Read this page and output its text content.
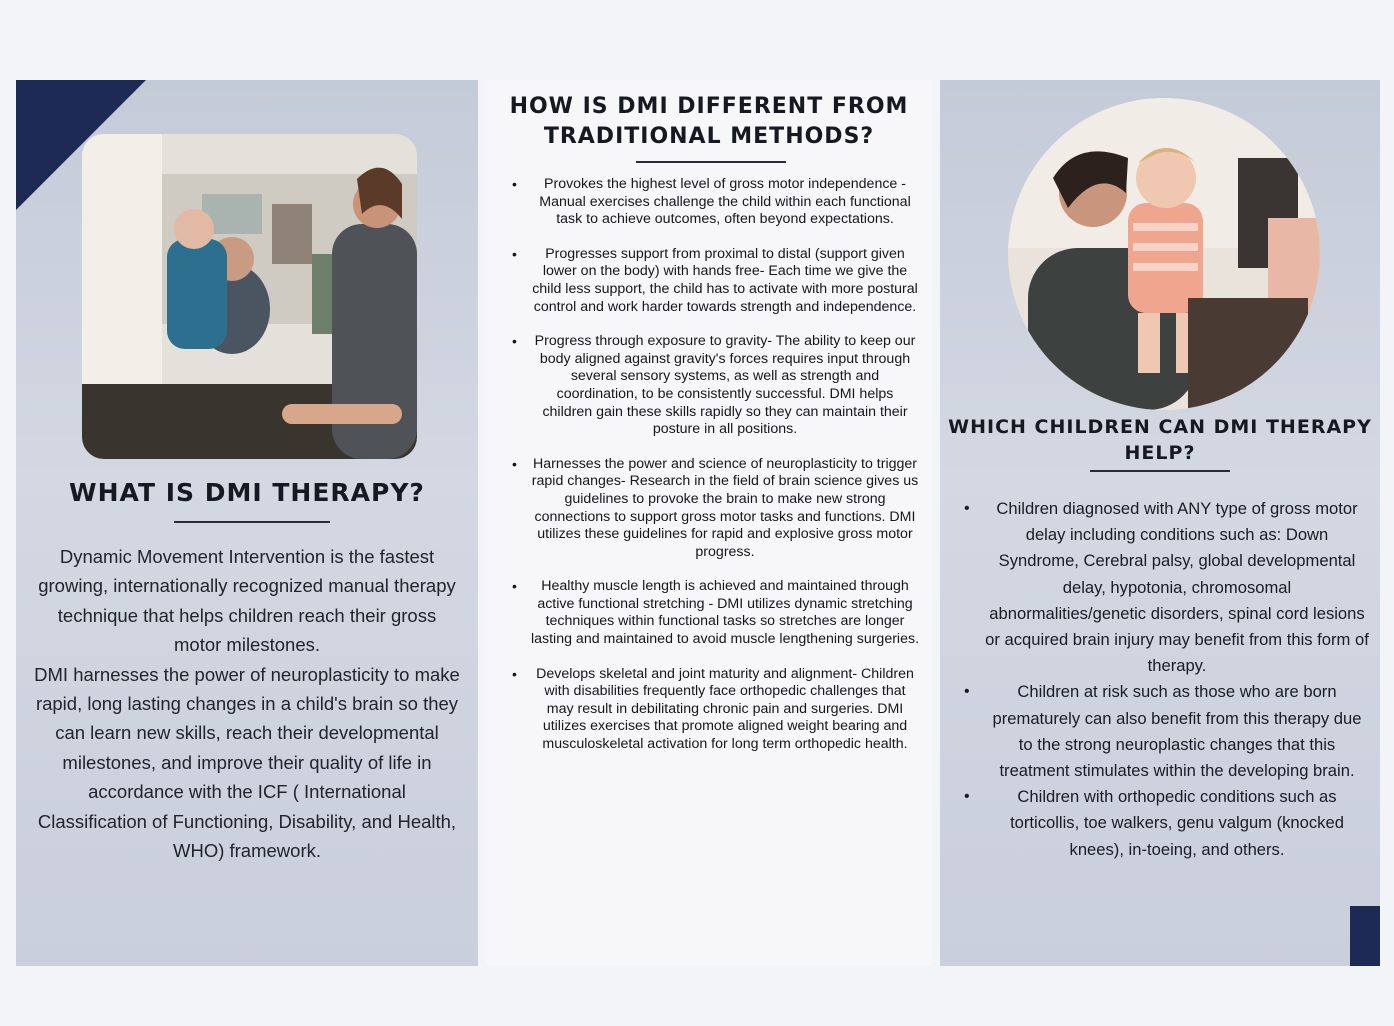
WHAT IS DMI THERAPY?

Dynamic Movement Intervention is the fastest growing, internationally recognized manual therapy technique that helps children reach their gross motor milestones.

DMI harnesses the power of neuroplasticity to make rapid, long lasting changes in a child's brain so they can learn new skills, reach their developmental milestones, and improve their quality of life in accordance with the ICF ( International Classification of Functioning, Disability, and Health, WHO) framework.

HOW IS DMI DIFFERENT FROM TRADITIONAL METHODS?
• Provokes the highest level of gross motor independence - Manual exercises challenge the child within each functional task to achieve outcomes, often beyond expectations.
• Progresses support from proximal to distal (support given lower on the body) with hands free- Each time we give the child less support, the child has to activate with more postural control and work harder towards strength and independence.
• Progress through exposure to gravity- The ability to keep our body aligned against gravity's forces requires input through several sensory systems, as well as strength and coordination, to be consistently successful. DMI helps children gain these skills rapidly so they can maintain their posture in all positions.
• Harnesses the power and science of neuroplasticity to trigger rapid changes- Research in the field of brain science gives us guidelines to provoke the brain to make new strong connections to support gross motor tasks and functions. DMI utilizes these guidelines for rapid and explosive gross motor progress.
• Healthy muscle length is achieved and maintained through active functional stretching - DMI utilizes dynamic stretching techniques within functional tasks so stretches are longer lasting and maintained to avoid muscle lengthening surgeries.
• Develops skeletal and joint maturity and alignment- Children with disabilities frequently face orthopedic challenges that may result in debilitating chronic pain and surgeries. DMI utilizes exercises that promote aligned weight bearing and musculoskeletal activation for long term orthopedic health.
WHICH CHILDREN CAN DMI THERAPY HELP?
• Children diagnosed with ANY type of gross motor delay including conditions such as: Down Syndrome, Cerebral palsy, global developmental delay, hypotonia, chromosomal abnormalities/genetic disorders, spinal cord lesions or acquired brain injury may benefit from this form of therapy.
•	Children at risk such as those who are born prematurely can also benefit from this therapy due to the strong neuroplastic changes that this treatment stimulates within the developing brain.
•	Children with orthopedic conditions such as torticollis, toe walkers, genu valgum (knocked knees), in-toeing, and others.
